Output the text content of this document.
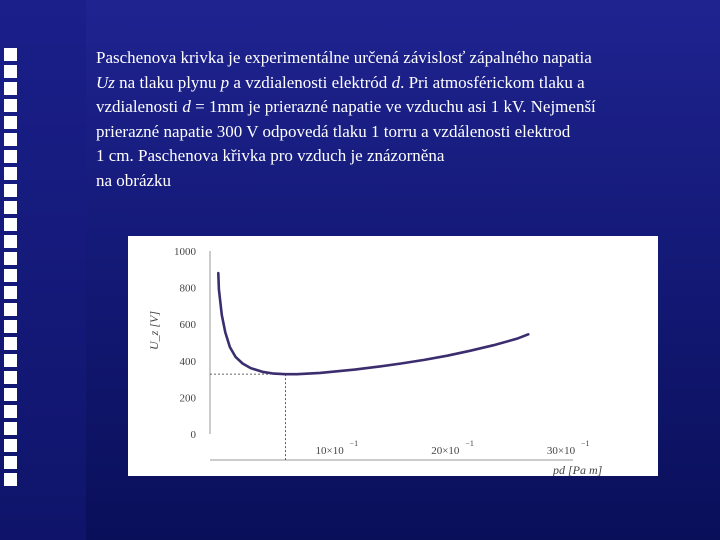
Paschenova krivka je experimentálne určená závislosť zápalného napatia
Uz na tlaku plynu p a vzdialenosti elektród d. Pri atmosférickom tlaku a
vzdialenosti d = 1mm je prierazné napatie ve vzduchu asi 1 kV. Nejmenší
prierazné napatie 300 V odpovedá tlaku 1 torru a vzdálenosti elektrod
1 cm. Paschenova křivka pro vzduch je znázorněna
na obrázku
0
200
400
600
800
1000
10×10
−1
20×10
−1
30×10
−1
U_z [V]
pd [Pa m]
